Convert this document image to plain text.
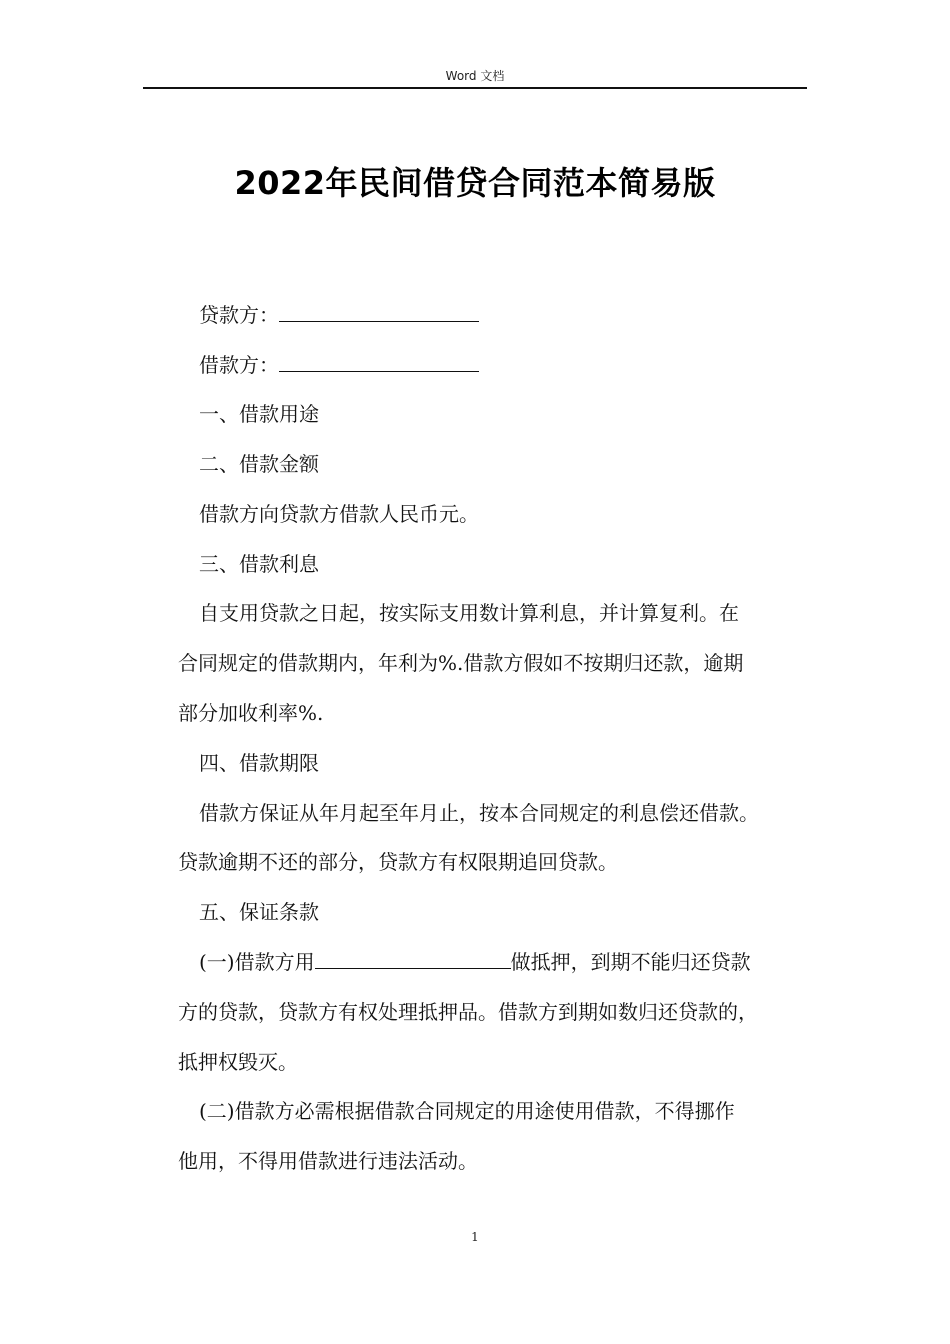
Word 文档
2022年民间借贷合同范本简易版
贷款方：
借款方：
一、借款用途
二、借款金额
借款方向贷款方借款人民币元。
三、借款利息
自支用贷款之日起，按实际支用数计算利息，并计算复利。在
合同规定的借款期内，年利为%.借款方假如不按期归还款，逾期
部分加收利率%.
四、借款期限
借款方保证从年月起至年月止，按本合同规定的利息偿还借款。
贷款逾期不还的部分，贷款方有权限期追回贷款。
五、保证条款
(一)借款方用	做抵押，到期不能归还贷款
方的贷款，贷款方有权处理抵押品。借款方到期如数归还贷款的，
抵押权毁灭。
(二)借款方必需根据借款合同规定的用途使用借款，不得挪作
他用，不得用借款进行违法活动。
1
